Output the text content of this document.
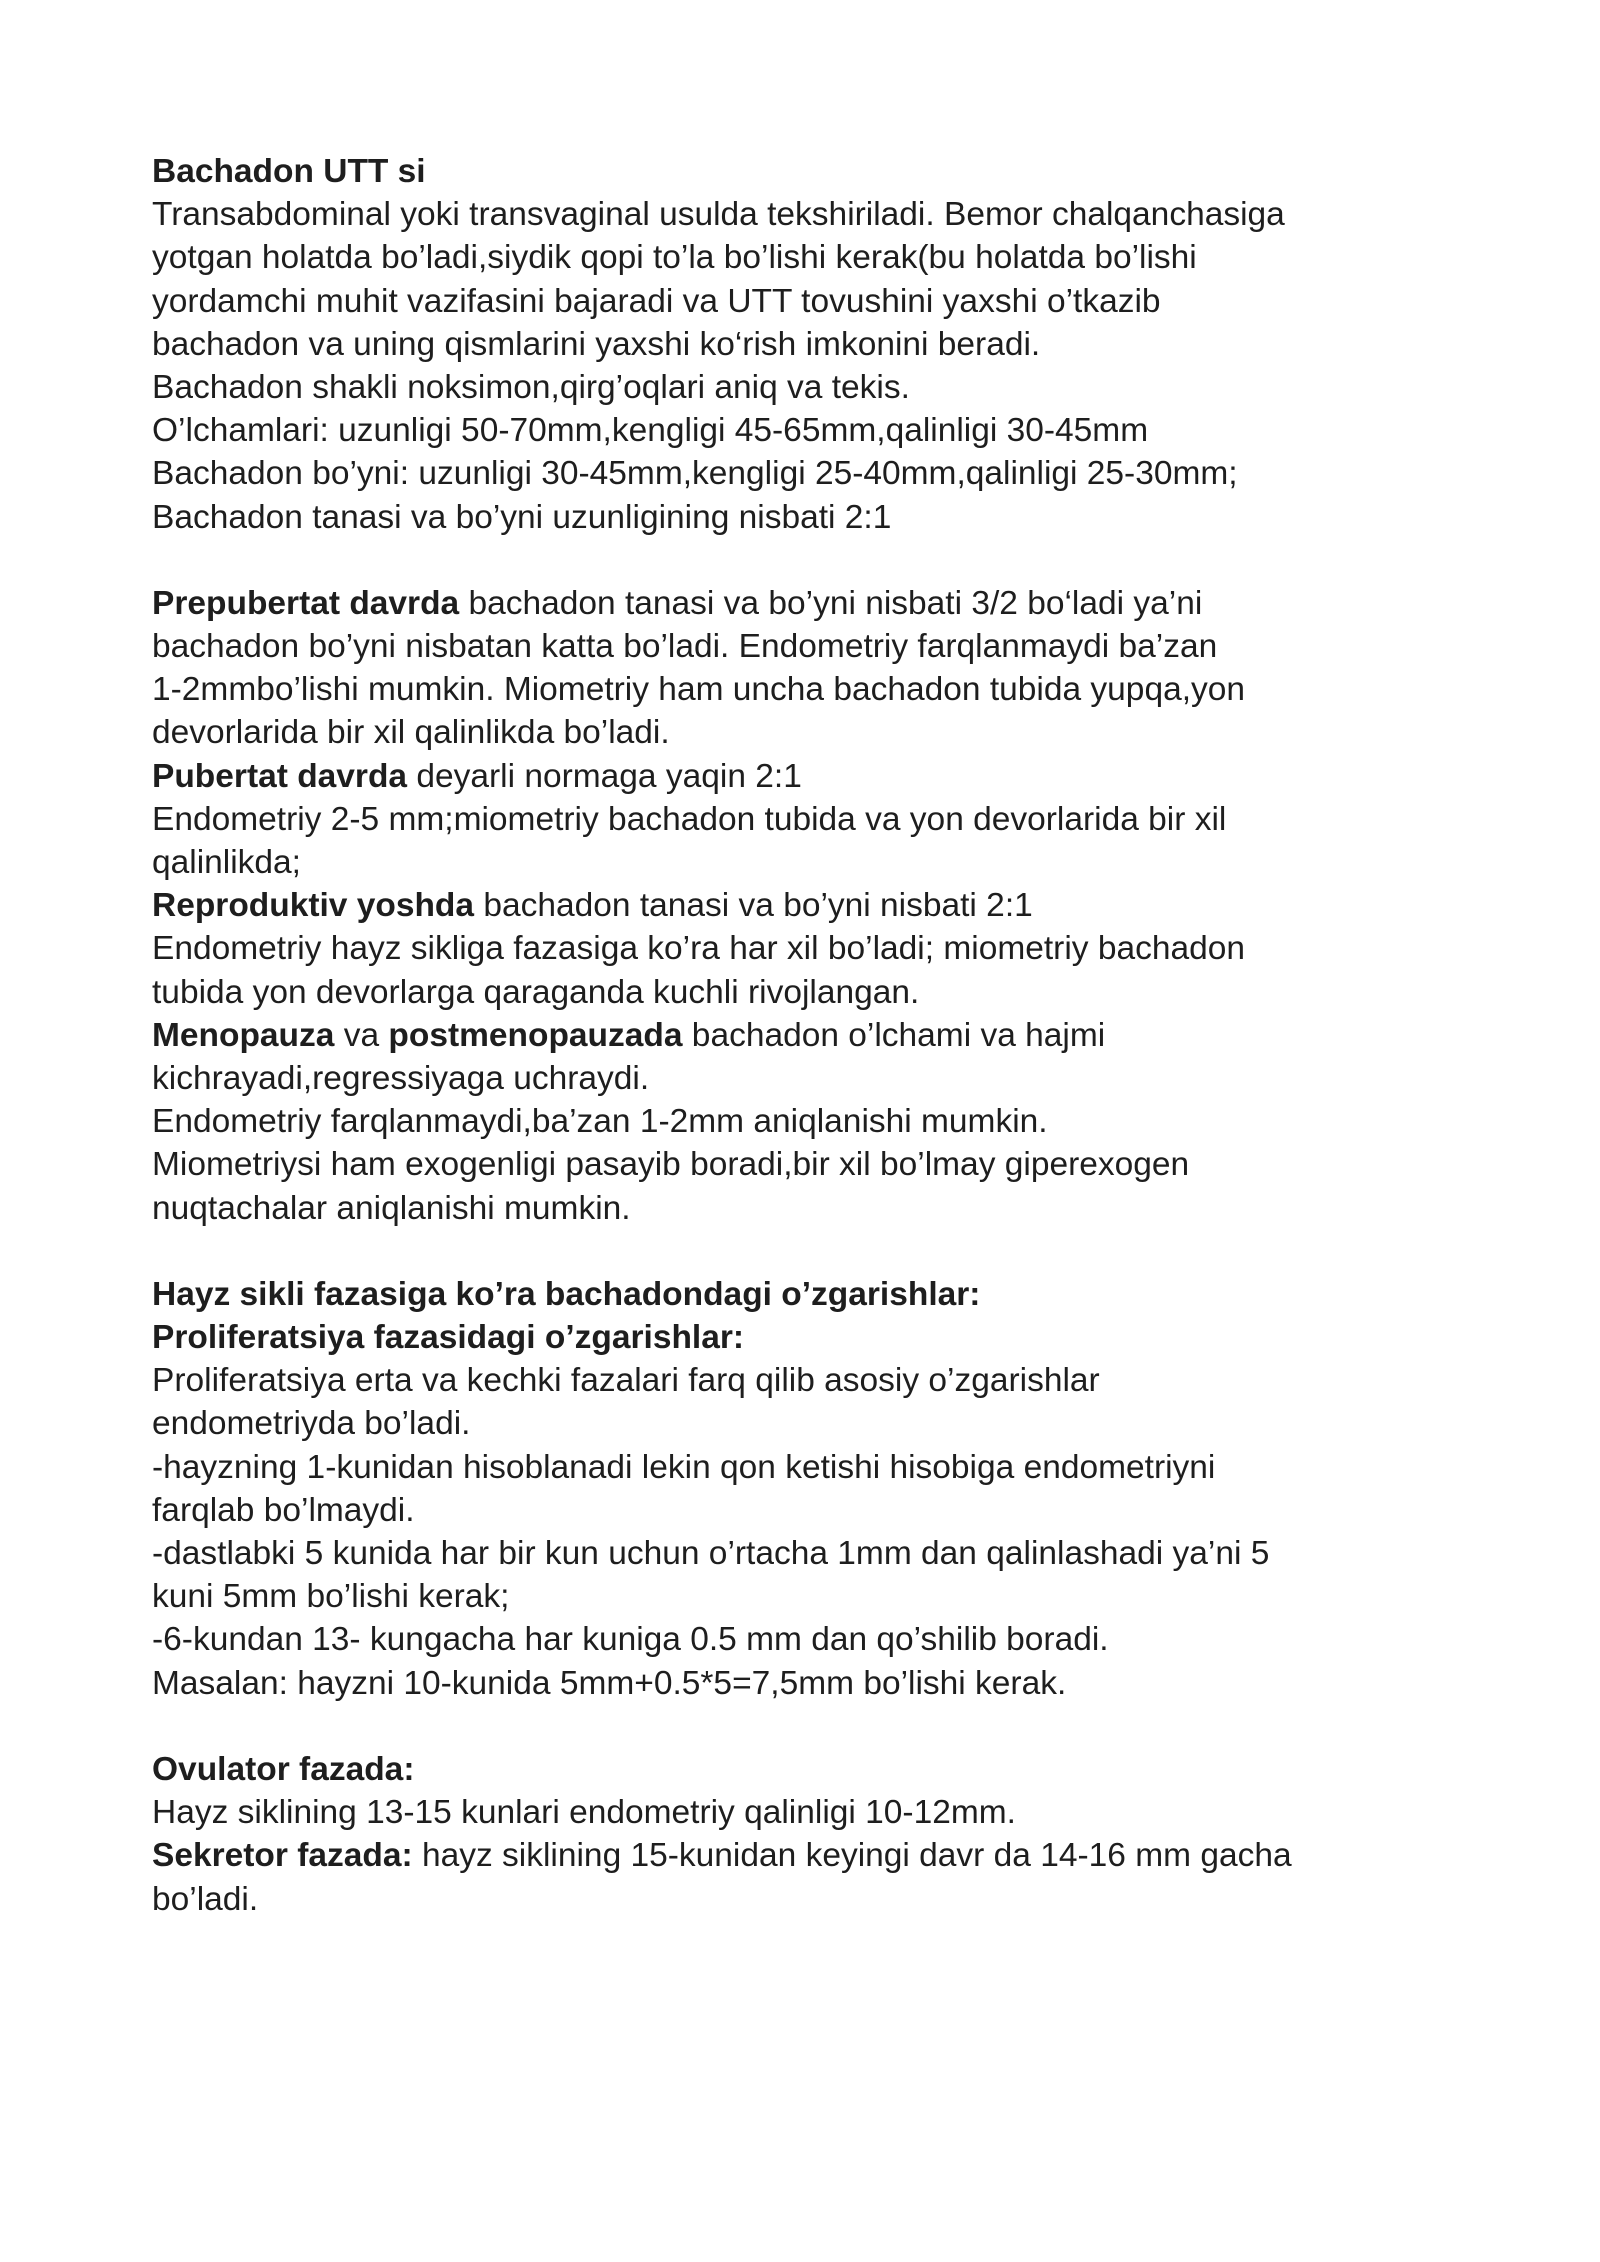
Bachadon UTT si
Transabdominal yoki transvaginal usulda tekshiriladi. Bemor chalqanchasiga
yotgan holatda bo’ladi,siydik qopi to’la bo’lishi kerak(bu holatda bo’lishi
yordamchi muhit vazifasini bajaradi va UTT tovushini yaxshi o’tkazib
bachadon va uning qismlarini yaxshi ko‘rish imkonini beradi.
Bachadon shakli noksimon,qirg’oqlari aniq va tekis.
O’lchamlari: uzunligi 50-70mm,kengligi 45-65mm,qalinligi 30-45mm
Bachadon bo’yni: uzunligi 30-45mm,kengligi 25-40mm,qalinligi 25-30mm;
Bachadon tanasi va bo’yni uzunligining nisbati 2:1
Prepubertat davrda bachadon tanasi va bo’yni nisbati 3/2 bo‘ladi ya’ni
bachadon bo’yni nisbatan katta bo’ladi. Endometriy farqlanmaydi ba’zan
1-2mmbo’lishi mumkin. Miometriy ham uncha bachadon tubida yupqa,yon
devorlarida bir xil qalinlikda bo’ladi.
Pubertat davrda deyarli normaga yaqin 2:1
Endometriy 2-5 mm;miometriy bachadon tubida va yon devorlarida bir xil
qalinlikda;
Reproduktiv yoshda bachadon tanasi va bo’yni nisbati 2:1
Endometriy hayz sikliga fazasiga ko’ra har xil bo’ladi; miometriy bachadon
tubida yon devorlarga qaraganda kuchli rivojlangan.
Menopauza va postmenopauzada bachadon o’lchami va hajmi
kichrayadi,regressiyaga uchraydi.
Endometriy farqlanmaydi,ba’zan 1-2mm aniqlanishi mumkin.
Miometriysi ham exogenligi pasayib boradi,bir xil bo’lmay giperexogen
nuqtachalar aniqlanishi mumkin.
Hayz sikli fazasiga ko’ra bachadondagi o’zgarishlar:
Proliferatsiya fazasidagi o’zgarishlar:
Proliferatsiya erta va kechki fazalari farq qilib asosiy o’zgarishlar
endometriyda bo’ladi.
-hayzning 1-kunidan hisoblanadi lekin qon ketishi hisobiga endometriyni
farqlab bo’lmaydi.
-dastlabki 5 kunida har bir kun uchun o’rtacha 1mm dan qalinlashadi ya’ni 5
kuni 5mm bo’lishi kerak;
-6-kundan 13- kungacha har kuniga 0.5 mm dan qo’shilib boradi.
Masalan: hayzni 10-kunida 5mm+0.5*5=7,5mm bo’lishi kerak.
Ovulator fazada:
Hayz siklining 13-15 kunlari endometriy qalinligi 10-12mm.
Sekretor fazada: hayz siklining 15-kunidan keyingi davr da 14-16 mm gacha
bo’ladi.
